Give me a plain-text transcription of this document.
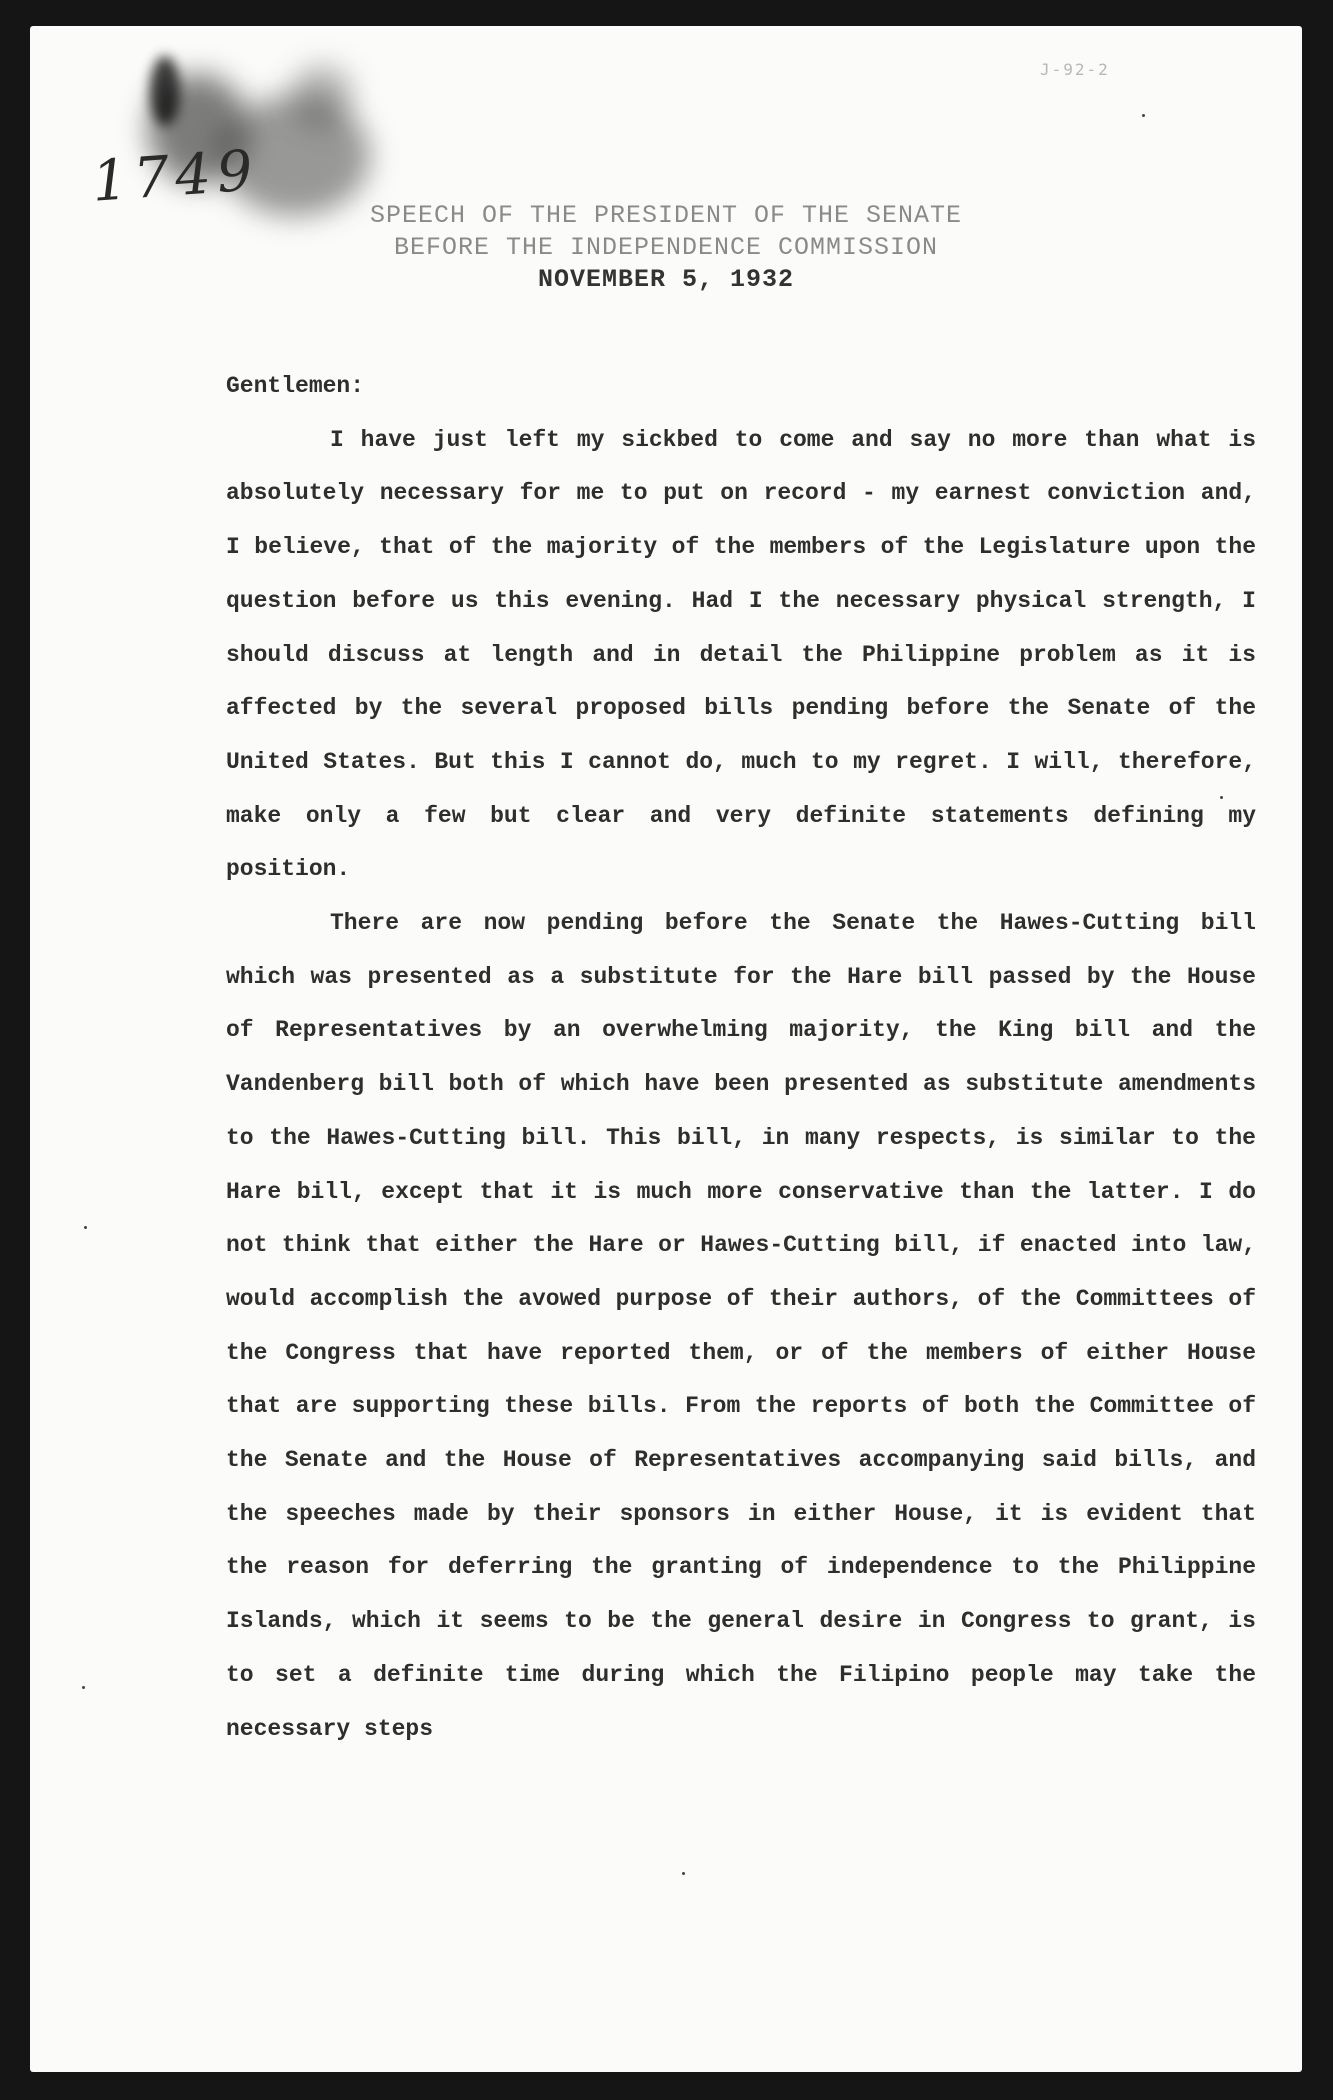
1749
J-92-2
SPEECH OF THE PRESIDENT OF THE SENATE
BEFORE THE INDEPENDENCE COMMISSION
NOVEMBER 5, 1932

Gentlemen:

I have just left my sickbed to come and say no more than what is absolutely necessary for me to put on record - my earnest conviction and, I believe, that of the majority of the members of the Legislature upon the question before us this evening. Had I the necessary physical strength, I should discuss at length and in detail the Philippine problem as it is affected by the several proposed bills pending before the Senate of the United States. But this I cannot do, much to my regret. I will, therefore, make only a few but clear and very definite statements defining my position.

There are now pending before the Senate the Hawes-Cutting bill which was presented as a substitute for the Hare bill passed by the House of Representatives by an overwhelming majority, the King bill and the Vandenberg bill both of which have been presented as substitute amendments to the Hawes-Cutting bill. This bill, in many respects, is similar to the Hare bill, except that it is much more conservative than the latter. I do not think that either the Hare or Hawes-Cutting bill, if enacted into law, would accomplish the avowed purpose of their authors, of the Committees of the Congress that have reported them, or of the members of either House that are supporting these bills. From the reports of both the Committee of the Senate and the House of Representatives accompanying said bills, and the speeches made by their sponsors in either House, it is evident that the reason for deferring the granting of independence to the Philippine Islands, which it seems to be the general desire in Congress to grant, is to set a definite time during which the Filipino people may take the necessary steps
